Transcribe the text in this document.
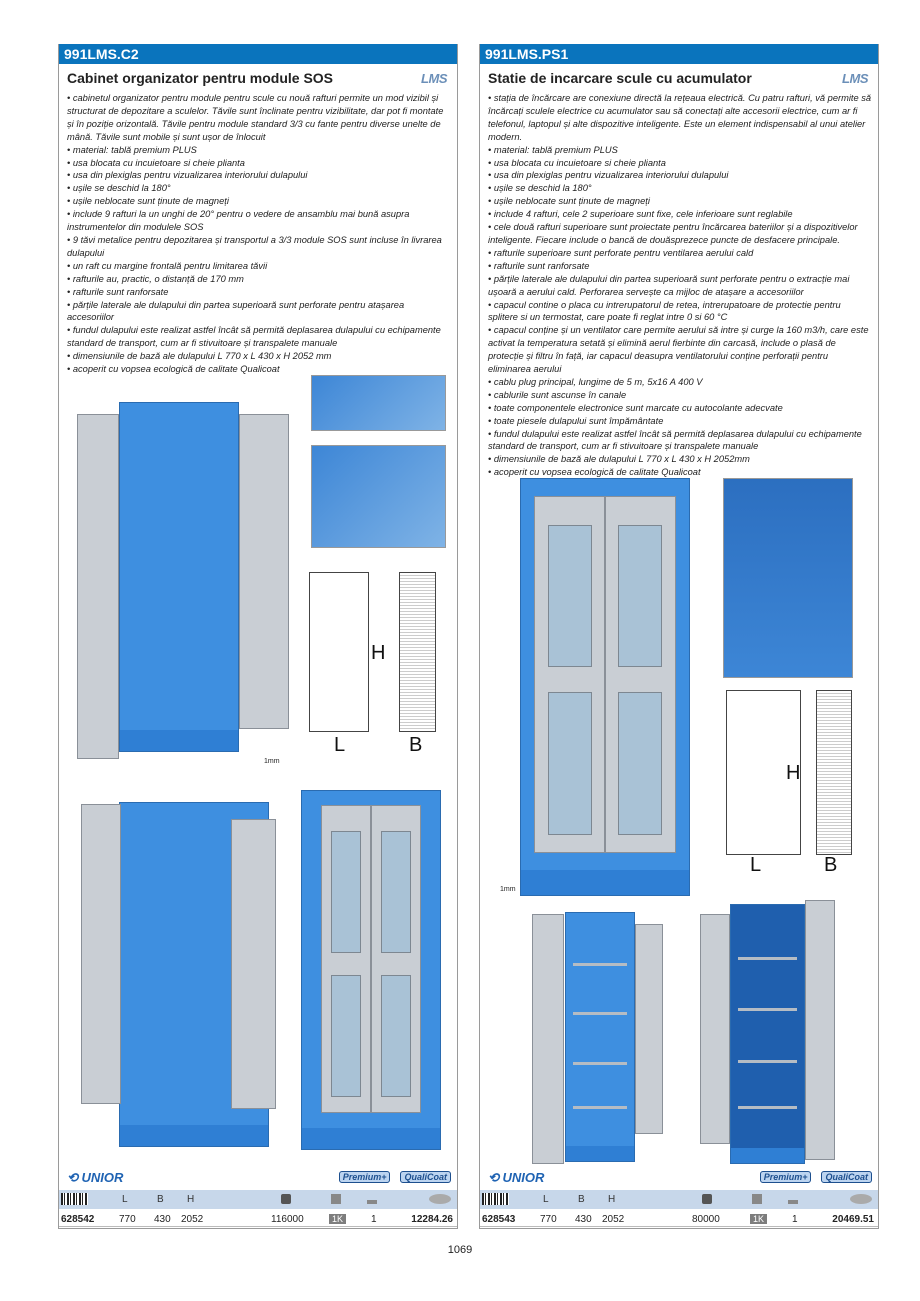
991LMS.C2
Cabinet organizator pentru module SOS	LMS
• cabinetul organizator pentru module pentru scule cu nouă rafturi permite un mod vizibil și structurat de depozitare a sculelor. Tăvile sunt înclinate pentru vizibilitate, dar pot fi montate și în poziție orizontală. Tăvile pentru module standard 3/3 cu fante pentru diverse unelte de mână. Tăvile sunt mobile și sunt ușor de înlocuit
• material: tablă premium PLUS
• usa blocata cu incuietoare si cheie plianta
• usa din plexiglas pentru vizualizarea interiorului dulapului
• ușile se deschid la 180°
• ușile neblocate sunt ținute de magneți
• include 9 rafturi la un unghi de 20° pentru o vedere de ansamblu mai bună asupra instrumentelor din modulele SOS
• 9 tăvi metalice pentru depozitarea și transportul a 3/3 module SOS sunt incluse în livrarea dulapului
• un raft cu margine frontală pentru limitarea tăvii
• rafturile au, practic, o distanță de 170 mm
• rafturile sunt ranforsate
• părțile laterale ale dulapului din partea superioară sunt perforate pentru atașarea accesoriilor
• fundul dulapului este realizat astfel încât să permită deplasarea dulapului cu echipamente standard de transport, cum ar fi stivuitoare și transpalete manuale
• dimensiunile de bază ale dulapului L 770 x L 430 x H 2052 mm
• acoperit cu vopsea ecologică de calitate Qualicoat
H
L	B
1mm
⟲ UNIOR	Premium+ QualiCoat
L	B H
628542 770 430 2052	116000	1K	1	12284.26
991LMS.PS1
Statie de incarcare scule cu acumulator	LMS
• stația de încărcare are conexiune directă la rețeaua electrică. Cu patru rafturi, vă permite să încărcați sculele electrice cu acumulator sau să conectați alte accesorii electrice, cum ar fi telefonul, laptopul și alte dispozitive inteligente. Este un element indispensabil al unui atelier modern.
• material: tablă premium PLUS
• usa blocata cu incuietoare si cheie plianta
• usa din plexiglas pentru vizualizarea interiorului dulapului
• ușile se deschid la 180°
• ușile neblocate sunt ținute de magneți
• include 4 rafturi, cele 2 superioare sunt fixe, cele inferioare sunt reglabile
• cele două rafturi superioare sunt proiectate pentru încărcarea bateriilor și a dispozitivelor inteligente. Fiecare include o bancă de douăsprezece puncte de desfacere principale.
• rafturile superioare sunt perforate pentru ventilarea aerului cald
• rafturile sunt ranforsate
• părțile laterale ale dulapului din partea superioară sunt perforate pentru o extracție mai ușoară a aerului cald. Perforarea servește ca mijloc de atașare a accesoriilor
• capacul contine o placa cu intrerupatorul de retea, intrerupatoare de protectie pentru splitere si un termostat, care poate fi reglat intre 0 si 60 °C
• capacul conține și un ventilator care permite aerului să intre și curge la 160 m3/h, care este activat la temperatura setată și elimină aerul fierbinte din carcasă, include o plasă de protecție și filtru în față, iar capacul deasupra ventilatorului conține perforații pentru eliminarea aerului
• cablu plug principal, lungime de 5 m, 5x16 A 400 V
• cablurile sunt ascunse în canale
• toate componentele electronice sunt marcate cu autocolante adecvate
• toate piesele dulapului sunt împământate
• fundul dulapului este realizat astfel încât să permită deplasarea dulapului cu echipamente standard de transport, cum ar fi stivuitoare și transpalete manuale
• dimensiunile de bază ale dulapului L 770 x L 430 x H 2052mm
• acoperit cu vopsea ecologică de calitate Qualicoat
H
L	B
1mm
⟲ UNIOR	Premium+ QualiCoat
L	B H
628543 770 430 2052	80000	1K	1	20469.51
1069
